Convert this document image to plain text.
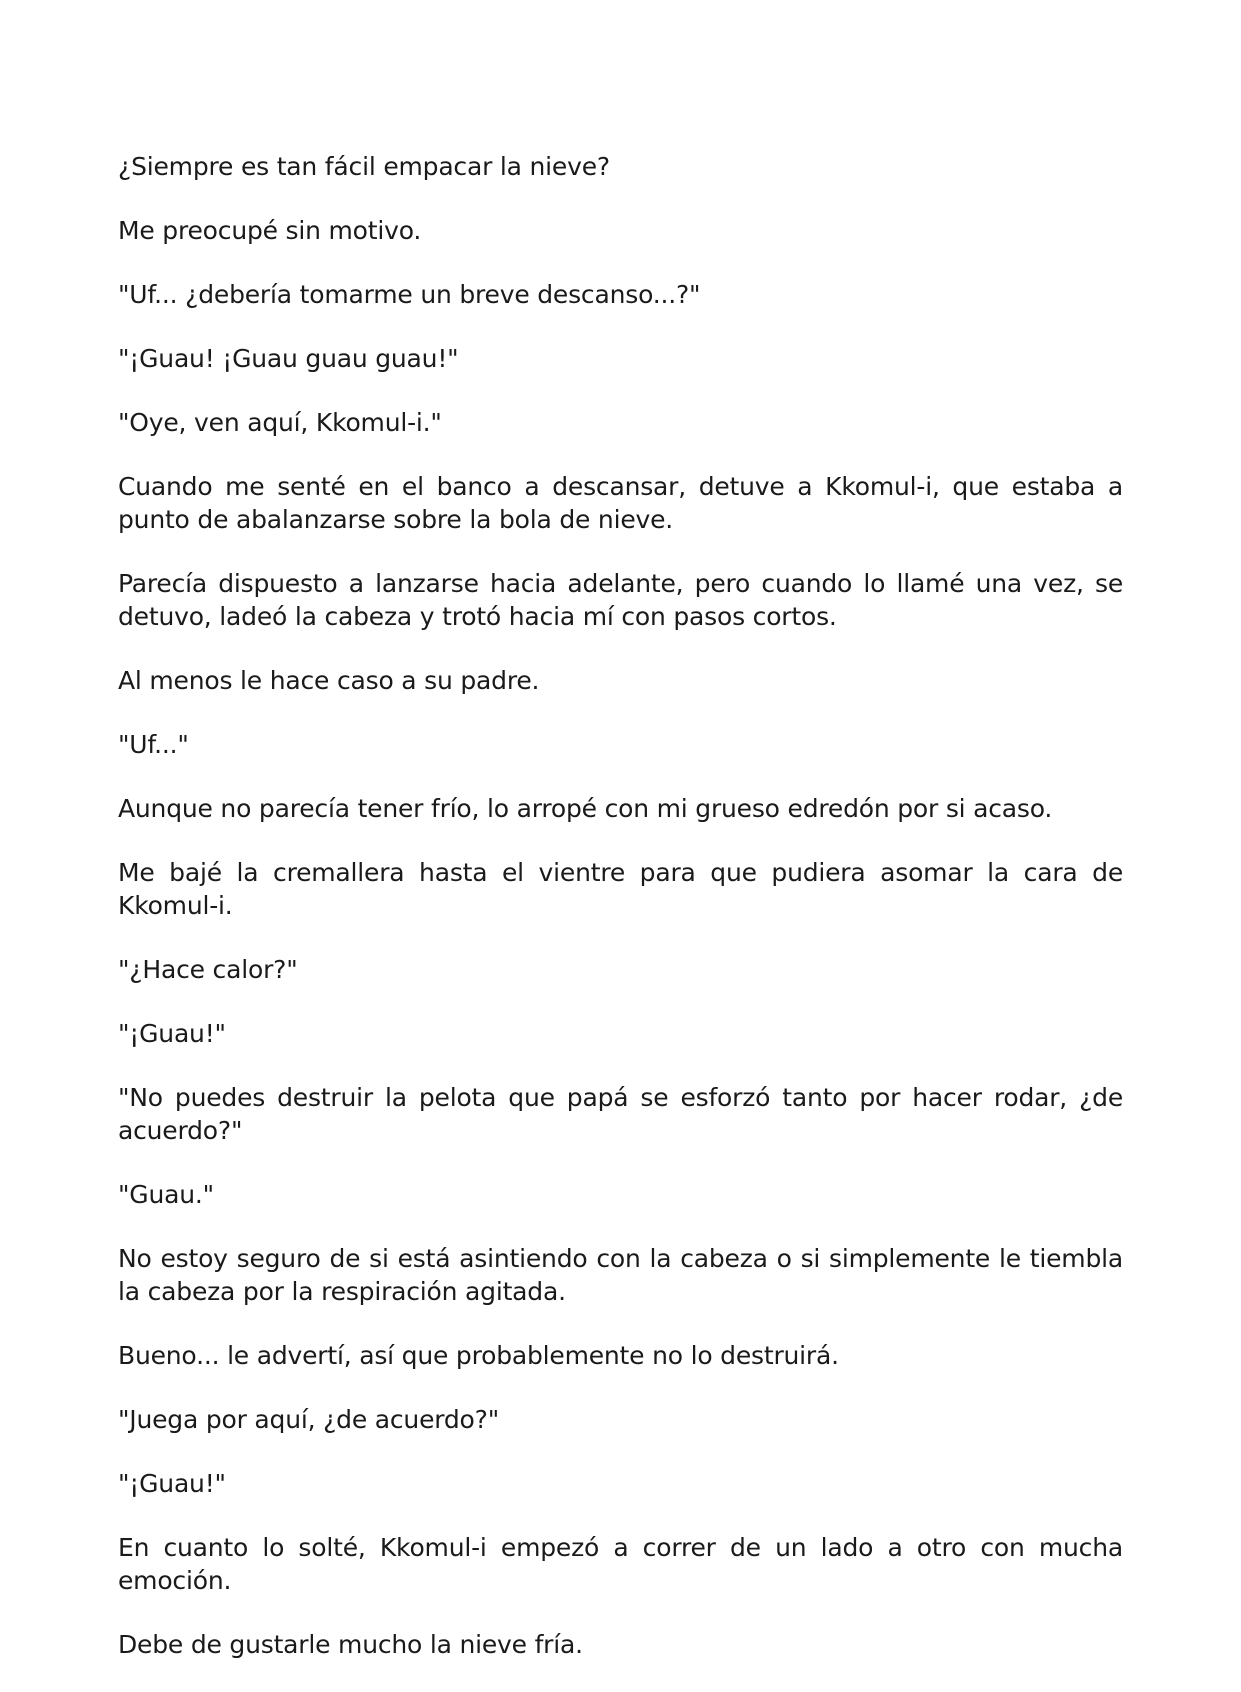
¿Siempre es tan fácil empacar la nieve?

Me preocupé sin motivo.

"Uf... ¿debería tomarme un breve descanso...?"

"¡Guau! ¡Guau guau guau!"

"Oye, ven aquí, Kkomul-i."

Cuando me senté en el banco a descansar, detuve a Kkomul-i, que estaba a punto de abalanzarse sobre la bola de nieve.

Parecía dispuesto a lanzarse hacia adelante, pero cuando lo llamé una vez, se detuvo, ladeó la cabeza y trotó hacia mí con pasos cortos.

Al menos le hace caso a su padre.

"Uf..."

Aunque no parecía tener frío, lo arropé con mi grueso edredón por si acaso.

Me bajé la cremallera hasta el vientre para que pudiera asomar la cara de Kkomul-i.

"¿Hace calor?"

"¡Guau!"

"No puedes destruir la pelota que papá se esforzó tanto por hacer rodar, ¿de acuerdo?"

"Guau."

No estoy seguro de si está asintiendo con la cabeza o si simplemente le tiembla la cabeza por la respiración agitada.

Bueno... le advertí, así que probablemente no lo destruirá.

"Juega por aquí, ¿de acuerdo?"

"¡Guau!"

En cuanto lo solté, Kkomul-i empezó a correr de un lado a otro con mucha emoción.

Debe de gustarle mucho la nieve fría.
